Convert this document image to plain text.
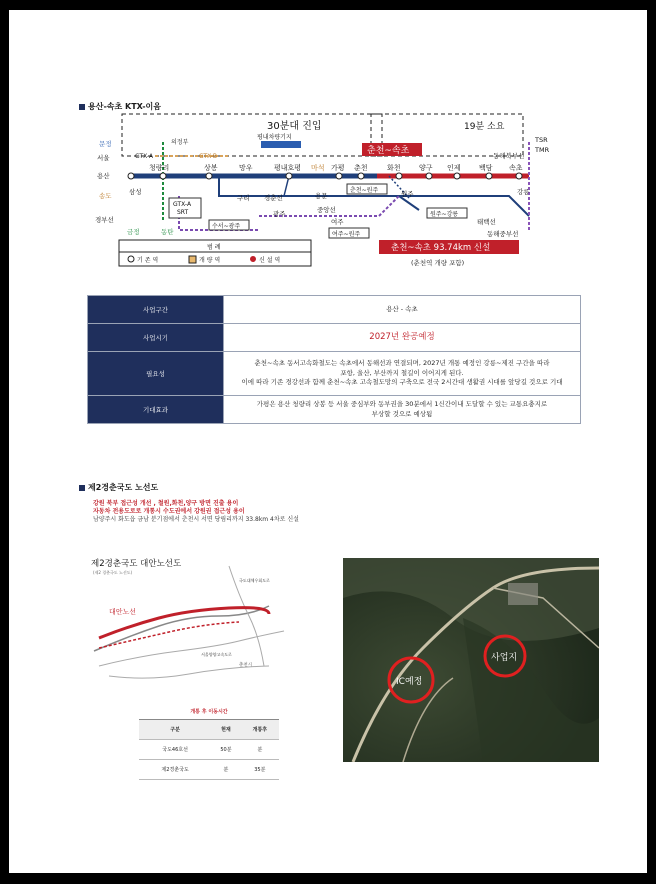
용산-속초 KTX-이음
30분대 진입
평내차량기지
19분 소요
춘천~속초
GTX-B
GTX-A
의정부
청량리	상봉	망우	평내호평 마석 가평 춘천	화천	양구 인제	백담 속초
문정
서울
용산
송도
경부선
삼성
금정	동탄
구리 경춘선
광주	중앙선
용문
여주
원주	강릉
태백선
TSR
TMR
동해북부선
동해중부선
GTX-A
SRT
수서~광주
여주~원주
춘천~원주
원주~강릉
춘천~속초 93.74km 신설
(춘천역 개량 포함)
범 례
기 존 역	개 량 역	신 설 역
사업구간	용산 - 속초
사업시기	2027년 완공예정
필요성	춘천~속초 동서고속화철도는 속초에서 동해선과 연결되며, 2027년 개통 예정인 강릉~제진 구간을 따라
포항, 울산, 부산까지 철길이 이어지게 된다.
이에 따라 기존 경강선과 함께 춘천~속초 고속철도망의 구축으로 전국 2시간대 생활권 시대를 앞당길 것으로 기대

기대효과	가평은 용산 청량리 상봉 등 서울 중심부와 동부권을 30분에서 1신간이내 도달할 수 있는 교통요충지로
부상할 것으로 예상됨
제2경춘국도 노선도
강원 북부 접근성 개선 , 철원,화천,양구 방면 진출 용이
자동차 전용도로로 개통시 수도권에서 강원권 접근성 용이
남양주시 화도읍 금남 분기점에서 춘천시 서면 당림리까지 33.8km 4차로 신설
제2경춘국도 대안노선도
(제2 경춘국도 노선도)
대안노선
국도대체우회도로
춘천시
서울양양고속도로
IC예정
사업지
개통 후 이동시간
구분	현재	개통후
국도46호선	50분	분
제2경춘국도	분	35분
